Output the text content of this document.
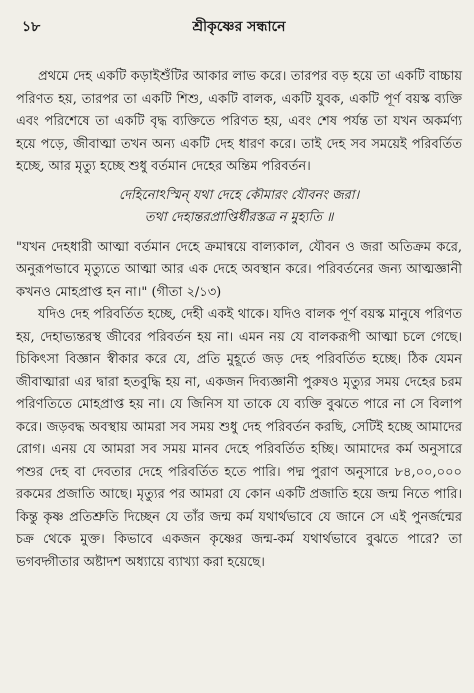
১৮	শ্রীকৃষ্ণের সন্ধানে

প্রথমে দেহ একটি কড়াইশুঁটির আকার লাভ করে। তারপর বড় হয়ে তা একটি বাচ্চায় পরিণত হয়, তারপর তা একটি শিশু, একটি বালক, একটি যুবক, একটি পূর্ণ বয়স্ক ব্যক্তি এবং পরিশেষে তা একটি বৃদ্ধ ব্যক্তিতে পরিণত হয়, এবং শেষ পর্যন্ত তা যখন অকর্মণ্য হয়ে পড়ে, জীবাত্মা তখন অন্য একটি দেহ ধারণ করে। তাই দেহ সব সময়েই পরিবর্তিত হচ্ছে, আর মৃত্যু হচ্ছে শুধু বর্তমান দেহের অন্তিম পরিবর্তন।

দেহিনোঽস্মিন্ যথা দেহে কৌমারং যৌবনং জরা।
তথা দেহান্তরপ্রাপ্তির্ধীরস্তত্র ন মুহ্যতি ॥

"যখন দেহধারী আত্মা বর্তমান দেহে ক্রমান্বয়ে বাল্যকাল, যৌবন ও জরা অতিক্রম করে, অনুরূপভাবে মৃত্যুতে আত্মা আর এক দেহে অবস্থান করে। পরিবর্তনের জন্য আত্মজ্ঞানী কখনও মোহপ্রাপ্ত হন না।" (গীতা ২/১৩)

যদিও দেহ পরিবর্তিত হচ্ছে, দেহী একই থাকে। যদিও বালক পূর্ণ বয়স্ক মানুষে পরিণত হয়, দেহাভ্যন্তরস্থ জীবের পরিবর্তন হয় না। এমন নয় যে বালকরূপী আত্মা চলে গেছে। চিকিৎসা বিজ্ঞান স্বীকার করে যে, প্রতি মুহূর্তে জড় দেহ পরিবর্তিত হচ্ছে। ঠিক যেমন জীবাত্মারা এর দ্বারা হতবুদ্ধি হয় না, একজন দিব্যজ্ঞানী পুরুষও মৃত্যুর সময় দেহের চরম পরিণতিতে মোহপ্রাপ্ত হয় না। যে জিনিস যা তাকে যে ব্যক্তি বুঝতে পারে না সে বিলাপ করে। জড়বদ্ধ অবস্থায় আমরা সব সময় শুধু দেহ পরিবর্তন করছি, সেটিই হচ্ছে আমাদের রোগ। এনয় যে আমরা সব সময় মানব দেহে পরিবর্তিত হচ্ছি। আমাদের কর্ম অনুসারে পশুর দেহ বা দেবতার দেহে পরিবর্তিত হতে পারি। পদ্ম পুরাণ অনুসারে ৮৪,০০,০০০ রকমের প্রজাতি আছে। মৃত্যুর পর আমরা যে কোন একটি প্রজাতি হয়ে জন্ম নিতে পারি। কিন্তু কৃষ্ণ প্রতিশ্রুতি দিচ্ছেন যে তাঁর জন্ম কর্ম যথার্থভাবে যে জানে সে এই পুনর্জন্মের চক্র থেকে মুক্ত। কিভাবে একজন কৃষ্ণের জন্ম-কর্ম যথার্থভাবে বুঝতে পারে? তা ভগবদ্গীতার অষ্টাদশ অধ্যায়ে ব্যাখ্যা করা হয়েছে।
